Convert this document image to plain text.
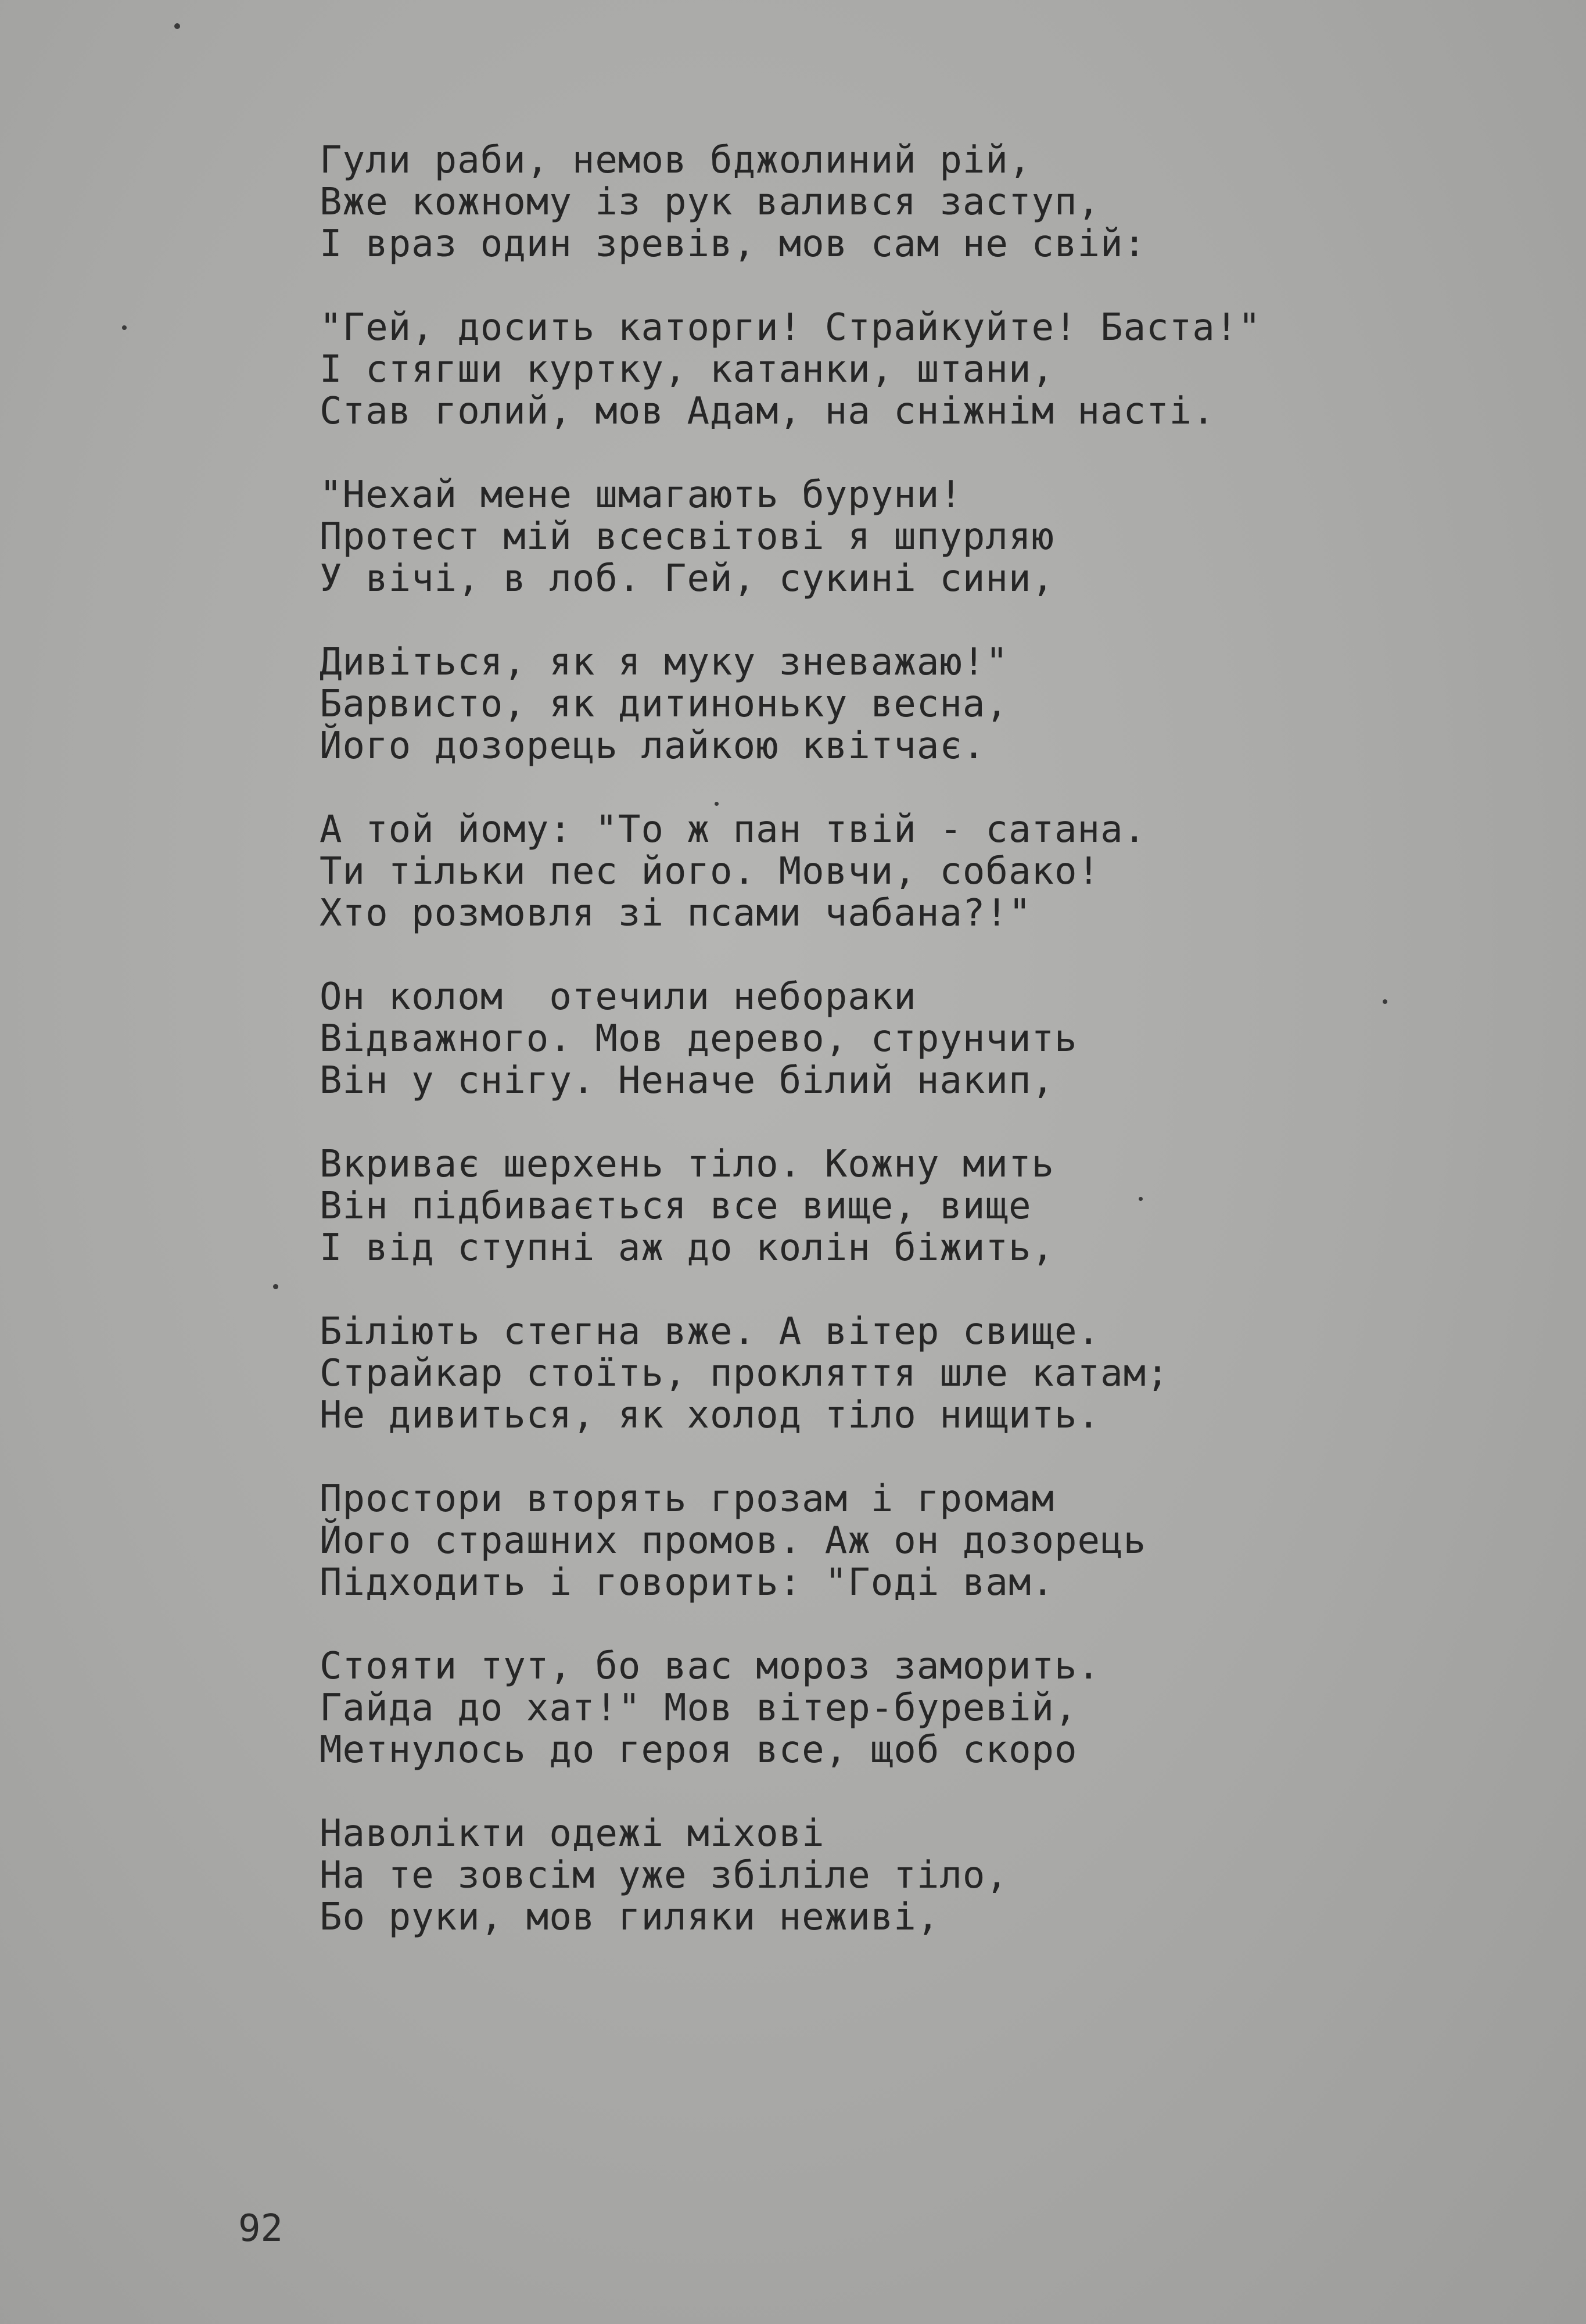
Гули раби, немов бджолиний рій,
Вже кожному із рук валився заступ,
І враз один зревів, мов сам не свій:
"Гей, досить каторги! Страйкуйте! Баста!"
І стягши куртку, катанки, штани,
Став голий, мов Адам, на сніжнім насті.
"Нехай мене шмагають буруни!
Протест мій всесвітові я шпурляю
У вічі, в лоб. Гей, сукині сини,
Дивіться, як я муку зневажаю!"
Барвисто, як дитиноньку весна,
Його дозорець лайкою квітчає.
А той йому: "То ж пан твій - сатана.
Ти тільки пес його. Мовчи, собако!
Хто розмовля зі псами чабана?!"
Он колом  отечили небораки
Відважного. Мов дерево, струнчить
Він у снігу. Неначе білий накип,
Вкриває шерхень тіло. Кожну мить
Він підбивається все вище, вище
І від ступні аж до колін біжить,
Біліють стегна вже. А вітер свище.
Страйкар стоїть, прокляття шле катам;
Не дивиться, як холод тіло нищить.
Простори вторять грозам і громам
Його страшних промов. Аж он дозорець
Підходить і говорить: "Годі вам.
Стояти тут, бо вас мороз заморить.
Гайда до хат!" Мов вітер-буревій,
Метнулось до героя все, щоб скоро
Наволікти одежі міхові
На те зовсім уже збіліле тіло,
Бо руки, мов гиляки неживі,
92
